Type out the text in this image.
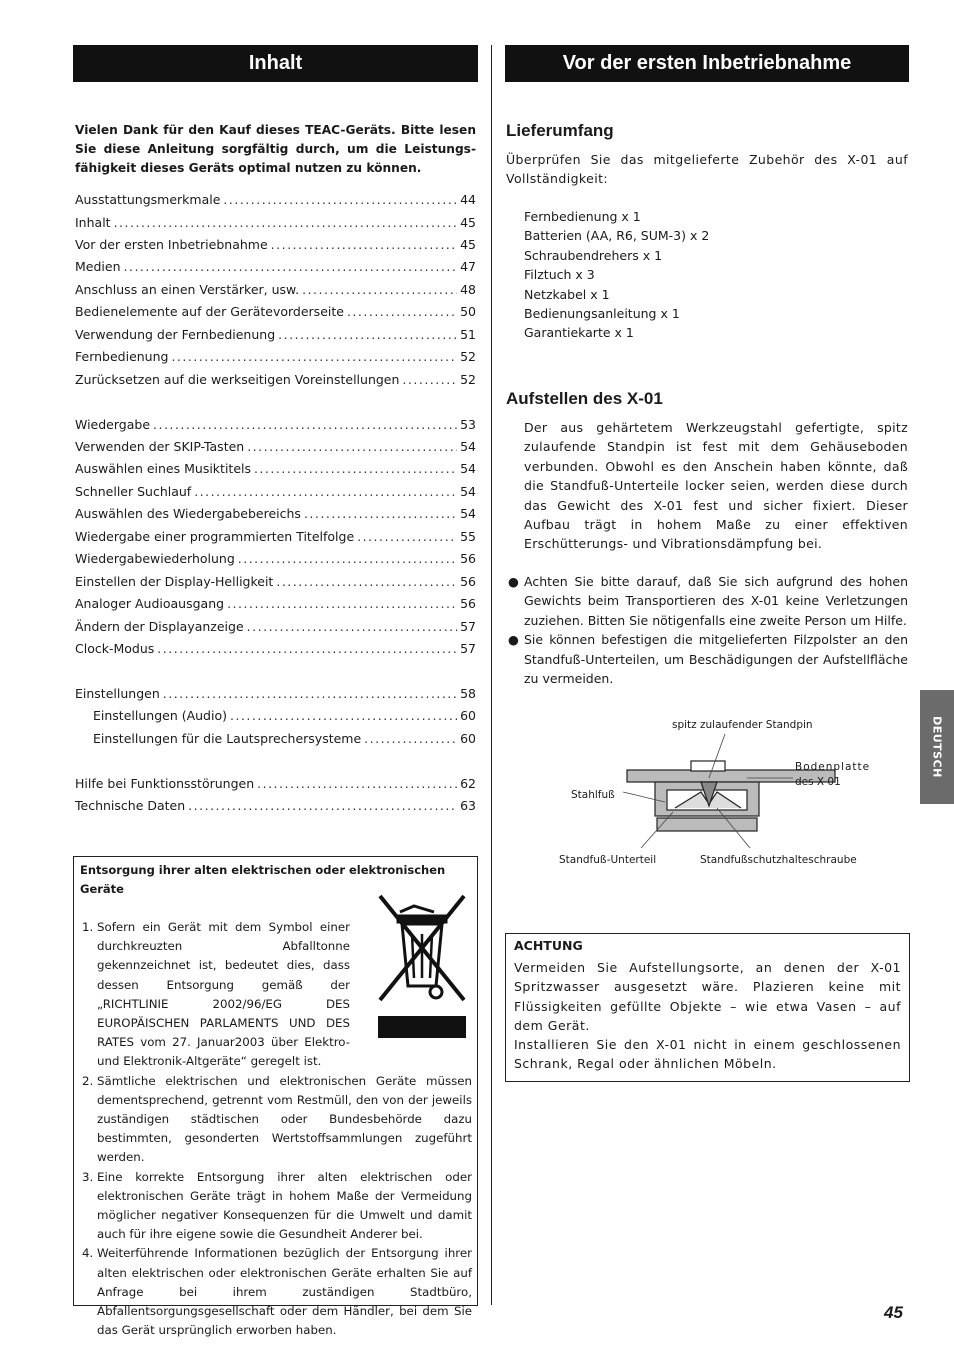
Inhalt	Vor der ersten Inbetriebnahme

Vielen Dank für den Kauf dieses TEAC-Geräts. Bitte lesen Sie diese Anleitung sorgfältig durch, um die Leistungsfähigkeit dieses Geräts optimal nutzen zu können.

Ausstattungsmerkmale .....	44
Inhalt .....	45
Vor der ersten Inbetriebnahme .....	45
Medien .....	47
Anschluss an einen Verstärker, usw. .....	48
Bedienelemente auf der Gerätevorderseite .....	50
Verwendung der Fernbedienung .....	51
Fernbedienung .....	52
Zurücksetzen auf die werkseitigen Voreinstellungen .....	52
Wiedergabe .....	53
Verwenden der SKIP-Tasten .....	54
Auswählen eines Musiktitels .....	54
Schneller Suchlauf .....	54
Auswählen des Wiedergabebereichs .....	54
Wiedergabe einer programmierten Titelfolge .....	55
Wiedergabewiederholung .....	56
Einstellen der Display-Helligkeit .....	56
Analoger Audioausgang .....	56
Ändern der Displayanzeige .....	57
Clock-Modus .....	57
Einstellungen .....	58
Einstellungen (Audio) .....	60
Einstellungen für die Lautsprechersysteme .....	60
Hilfe bei Funktionsstörungen .....	62
Technische Daten .....	63
Entsorgung ihrer alten elektrischen oder elektronischen Geräte
1. Sofern ein Gerät mit dem Symbol einer durchkreuzten Abfalltonne gekennzeichnet ist, bedeutet dies, dass dessen Entsorgung gemäß der „RICHTLINIE 2002/96/EG DES EUROPÄISCHEN PARLAMENTS UND DES RATES vom 27. Januar2003 über Elektro- und Elektronik-Altgeräte“ geregelt ist.
2. Sämtliche elektrischen und elektronischen Geräte müssen dementsprechend, getrennt vom Restmüll, den von der jeweils zuständigen städtischen oder Bundesbehörde dazu bestimmten, gesonderten Wertstoffsammlungen zugeführt werden.
3. Eine korrekte Entsorgung ihrer alten elektrischen oder elektronischen Geräte trägt in hohem Maße der Vermeidung möglicher negativer Konsequenzen für die Umwelt und damit auch für ihre eigene sowie die Gesundheit Anderer bei.
4. Weiterführende Informationen bezüglich der Entsorgung ihrer alten elektrischen oder elektronischen Geräte erhalten Sie auf Anfrage bei ihrem zuständigen Stadtbüro, Abfallentsorgungsgesellschaft oder dem Händler, bei dem Sie das Gerät ursprünglich erworben haben.
Lieferumfang

Überprüfen Sie das mitgelieferte Zubehör des X-01 auf Vollständigkeit:

Fernbedienung x 1
Batterien (AA, R6, SUM-3) x 2
Schraubendrehers x 1
Filztuch x 3
Netzkabel x 1
Bedienungsanleitung x 1
Garantiekarte x 1
Aufstellen des X-01

Der aus gehärtetem Werkzeugstahl gefertigte, spitz zulaufende Standpin ist fest mit dem Gehäuseboden verbunden. Obwohl es den Anschein haben könnte, daß die Standfuß-Unterteile locker seien, werden diese durch das Gewicht des X-01 fest und sicher fixiert. Dieser Aufbau trägt in hohem Maße zu einer effektiven Erschütterungs- und Vibrationsdämpfung bei.

● Achten Sie bitte darauf, daß Sie sich aufgrund des hohen Gewichts beim Transportieren des X-01 keine Verletzungen zuziehen. Bitten Sie nötigenfalls eine zweite Person um Hilfe.
● Sie können befestigen die mitgelieferten Filzpolster an den Standfuß-Unterteilen, um Beschädigungen der Aufstellfläche zu vermeiden.
spitz zulaufender Standpin
Bodenplatte
des X-01
Stahlfuß
Standfuß-Unterteil	Standfußschutzhalteschraube
ACHTUNG

Vermeiden Sie Aufstellungsorte, an denen der X-01 Spritzwasser ausgesetzt wäre. Plazieren keine mit Flüssigkeiten gefüllte Objekte – wie etwa Vasen – auf dem Gerät.

Installieren Sie den X-01 nicht in einem geschlossenen Schrank, Regal oder ähnlichen Möbeln.

DEUTSCH
45
